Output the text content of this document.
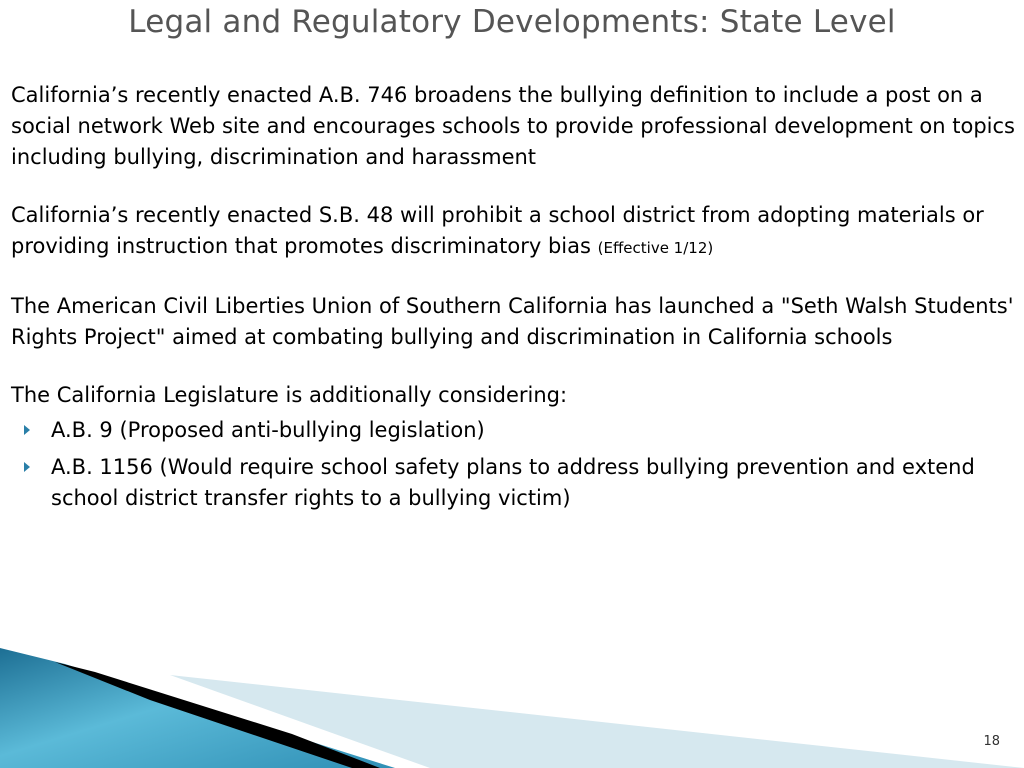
Legal and Regulatory Developments: State Level

California’s recently enacted A.B. 746 broadens the bullying definition to include a post on a social network Web site and encourages schools to provide professional development on topics including bullying, discrimination and harassment

California’s recently enacted S.B. 48 will prohibit a school district from adopting materials or providing instruction that promotes discriminatory bias (Effective 1/12)

The American Civil Liberties Union of Southern California has launched a "Seth Walsh Students' Rights Project" aimed at combating bullying and discrimination in California schools

The California Legislature is additionally considering:

A.B. 9 (Proposed anti-bullying legislation)
A.B. 1156 (Would require school safety plans to address bullying prevention and extend school district transfer rights to a bullying victim)
18
